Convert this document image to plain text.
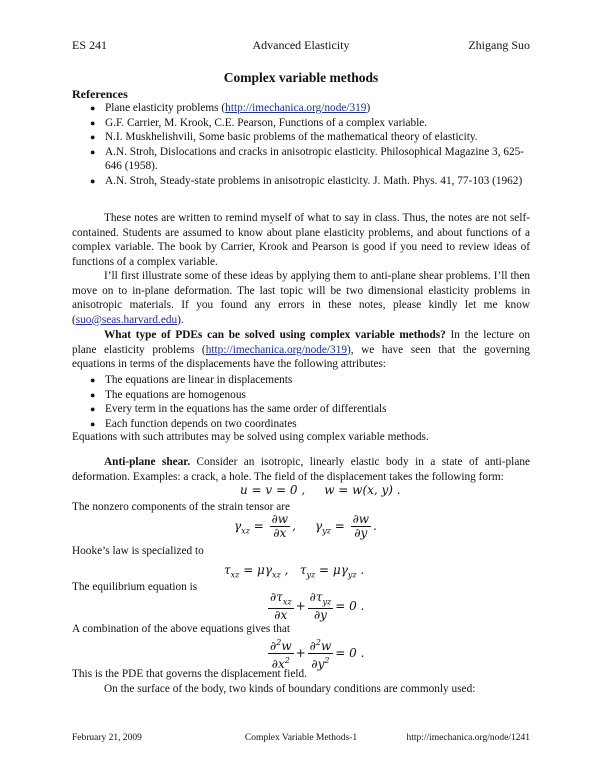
ES 241	Advanced Elasticity	Zhigang Suo
Complex variable methods
References
● Plane elasticity problems (http://imechanica.org/node/319)
● G.F. Carrier, M. Krook, C.E. Pearson, Functions of a complex variable.
● N.I. Muskhelishvili, Some basic problems of the mathematical theory of elasticity.
● A.N. Stroh, Dislocations and cracks in anisotropic elasticity. Philosophical Magazine 3, 625-646 (1958).
● A.N. Stroh, Steady-state problems in anisotropic elasticity. J. Math. Phys. 41, 77-103 (1962)

These notes are written to remind myself of what to say in class. Thus, the notes are not self-contained. Students are assumed to know about plane elasticity problems, and about functions of a complex variable. The book by Carrier, Krook and Pearson is good if you need to review ideas of functions of a complex variable.

I’ll first illustrate some of these ideas by applying them to anti-plane shear problems. I’ll then move on to in-plane deformation. The last topic will be two dimensional elasticity problems in anisotropic materials. If you found any errors in these notes, please kindly let me know (suo@seas.harvard.edu).

What type of PDEs can be solved using complex variable methods? In the lecture on plane elasticity problems (http://imechanica.org/node/319), we have seen that the governing equations in terms of the displacements have the following attributes:

● The equations are linear in displacements
● The equations are homogenous
● Every term in the equations has the same order of differentials
● Each function depends on two coordinates

Equations with such attributes may be solved using complex variable methods.

Anti-plane shear. Consider an isotropic, linearly elastic body in a state of anti-plane deformation. Examples: a crack, a hole. The field of the displacement takes the following form:

u = v = 0 ,     w = w(x, y) .

The nonzero components of the strain tensor are

$\gamma_{xz} = \frac{\partial w}{\partial x}$ ,     $\gamma_{yz} = \frac{\partial w}{\partial y}$ .

Hooke’s law is specialized to

$\tau_{xz} = \mu\gamma_{xz}$ ,   $\tau_{yz} = \mu\gamma_{yz}$ .

The equilibrium equation is

$\frac{\partial\tau_{xz}}{\partial x} + \frac{\partial\tau_{yz}}{\partial y} = 0$ .

A combination of the above equations gives that

$\frac{\partial^2w}{\partial x^2} + \frac{\partial^2w}{\partial y^2} = 0$ .

This is the PDE that governs the displacement field.

On the surface of the body, two kinds of boundary conditions are commonly used:

February 21, 2009	Complex Variable Methods-1	http://imechanica.org/node/1241
